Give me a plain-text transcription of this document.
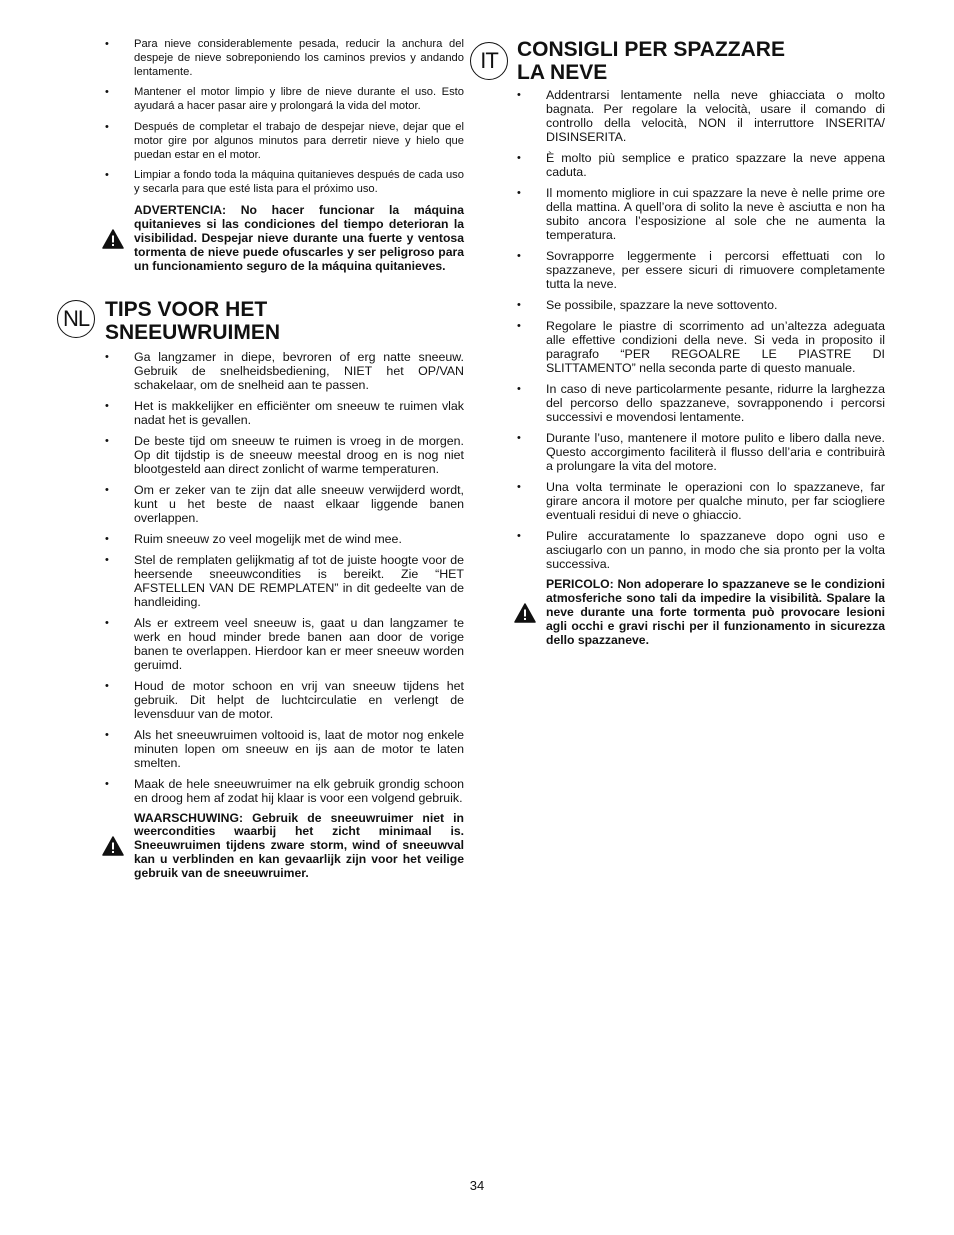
• Para nieve considerablemente pesada, reducir la anchura del despeje de nieve sobreponiendo los caminos previos y andando lentamente.
• Mantener el motor limpio y libre de nieve durante el uso. Esto ayudará a hacer pasar aire y prolongará la vida del motor.
• Después de completar el trabajo de despejar nieve, dejar que el motor gire por algunos minutos para derretir nieve y hielo que puedan estar en el motor.
• Limpiar a fondo toda la máquina quitanieves después de cada uso y secarla para que esté lista para el próximo uso.
ADVERTENCIA: No hacer funcionar la máquina quitanieves si las condiciones del tiempo deterioran la visibilidad. Despejar nieve durante una fuerte y ventosa tormenta de nieve puede ofuscarles y ser peligroso para un funcionamiento seguro de la máquina quitanieves.
NL TIPS VOOR HET SNEEUWRUIMEN
• Ga langzamer in diepe, bevroren of erg natte sneeuw. Gebruik de snelheidsbediening, NIET het OP/VAN schakelaar, om de snelheid aan te passen.
• Het is makkelijker en efficiënter om sneeuw te ruimen vlak nadat het is gevallen.
• De beste tijd om sneeuw te ruimen is vroeg in de morgen. Op dit tijdstip is de sneeuw meestal droog en is nog niet blootgesteld aan direct zonlicht of warme temperaturen.
• Om er zeker van te zijn dat alle sneeuw verwijderd wordt, kunt u het beste de naast elkaar liggende banen overlappen.
• Ruim sneeuw zo veel mogelijk met de wind mee.
• Stel de remplaten gelijkmatig af tot de juiste hoogte voor de heersende sneeuwcondities is bereikt. Zie “HET AFSTELLEN VAN DE REMPLATEN” in dit gedeelte van de handleiding.
• Als er extreem veel sneeuw is, gaat u dan langzamer te werk en houd minder brede banen aan door de vorige banen te overlappen. Hierdoor kan er meer sneeuw worden geruimd.
• Houd de motor schoon en vrij van sneeuw tijdens het gebruik. Dit helpt de luchtcirculatie en verlengt de levensduur van de motor.
• Als het sneeuwruimen voltooid is, laat de motor nog enkele minuten lopen om sneeuw en ijs aan de motor te laten smelten.
• Maak de hele sneeuwruimer na elk gebruik grondig schoon en droog hem af zodat hij klaar is voor een volgend gebruik.
WAARSCHUWING: Gebruik de sneeuwruimer niet in weercondities waarbij het zicht minimaal is. Sneeuwruimen tijdens zware storm, wind of sneeuwval kan u verblinden en kan gevaarlijk zijn voor het veilige gebruik van de sneeuwruimer.
IT CONSIGLI PER SPAZZARE LA NEVE
• Addentrarsi lentamente nella neve ghiacciata o molto bagnata. Per regolare la velocità, usare il comando di controllo della velocità, NON il interruttore INSERITA/ DISINSERITA.
• È molto più semplice e pratico spazzare la neve appena caduta.
• Il momento migliore in cui spazzare la neve è nelle prime ore della mattina. A quell’ora di solito la neve è asciutta e non ha subito ancora l’esposizione al sole che ne aumenta la temperatura.
• Sovrapporre leggermente i percorsi effettuati con lo spazzaneve, per essere sicuri di rimuovere completamente tutta la neve.
• Se possibile, spazzare la neve sottovento.
• Regolare le piastre di scorrimento ad un’altezza adeguata alle effettive condizioni della neve. Si veda in proposito il paragrafo “PER REGOALRE LE PIASTRE DI SLITTAMENTO” nella seconda parte di questo manuale.
• In caso di neve particolarmente pesante, ridurre la larghezza del percorso dello spazzaneve, sovrapponendo i percorsi successivi e movendosi lentamente.
• Durante l’uso, mantenere il motore pulito e libero dalla neve. Questo accorgimento faciliterà il flusso dell’aria e contribuirà a prolungare la vita del motore.
• Una volta terminate le operazioni con lo spazzaneve, far girare ancora il motore per qualche minuto, per far sciogliere eventuali residui di neve o ghiaccio.
• Pulire accuratamente lo spazzaneve dopo ogni uso e asciugarlo con un panno, in modo che sia pronto per la volta successiva.
PERICOLO: Non adoperare lo spazzaneve se le condizioni atmosferiche sono tali da impedire la visibilità. Spalare la neve durante una forte tormenta può provocare lesioni agli occhi e gravi rischi per il funzionamento in sicurezza dello spazzaneve.
34
